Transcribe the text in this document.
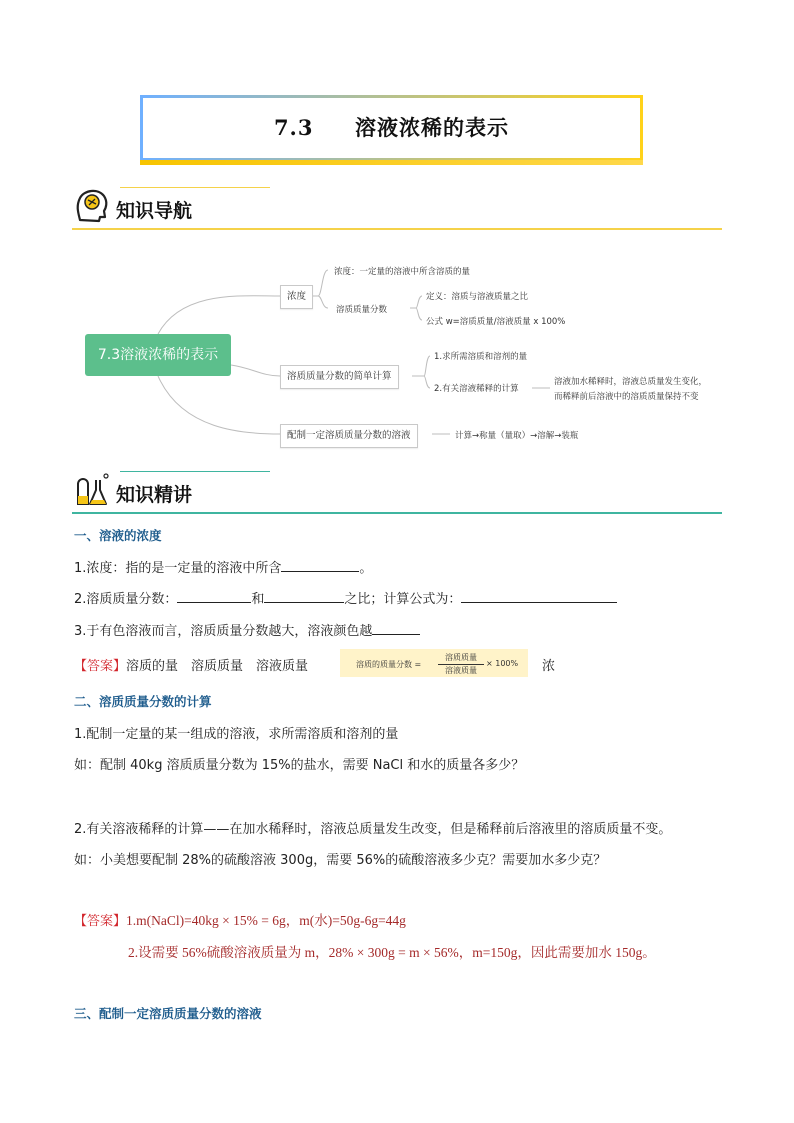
7.3 溶液浓稀的表示
知识导航
7.3溶液浓稀的表示
浓度
溶质质量分数的简单计算
配制一定溶质质量分数的溶液
浓度：一定量的溶液中所含溶质的量
溶质质量分数
定义：溶质与溶液质量之比
公式 w=溶质质量/溶液质量 x 100%
1.求所需溶质和溶剂的量
2.有关溶液稀释的计算
溶液加水稀释时，溶液总质量发生变化，
而稀释前后溶液中的溶质质量保持不变
计算→称量（量取）→溶解→装瓶
知识精讲
一、溶液的浓度
1.浓度：指的是一定量的溶液中所含	。
2.溶质质量分数：	和	之比；计算公式为：
3.于有色溶液而言，溶质质量分数越大，溶液颜色越
【答案】溶质的量　溶质质量　溶液质量	溶质的质量分数 =
溶质质量
溶液质量
× 100% 浓
二、溶质质量分数的计算
1.配制一定量的某一组成的溶液，求所需溶质和溶剂的量
如：配制 40kg 溶质质量分数为 15%的盐水，需要 NaCl 和水的质量各多少？
2.有关溶液稀释的计算——在加水稀释时，溶液总质量发生改变，但是稀释前后溶液里的溶质质量不变。
如：小美想要配制 28%的硫酸溶液 300g，需要 56%的硫酸溶液多少克？需要加水多少克？
【答案】1.m(NaCl)=40kg × 15% = 6g，m(水)=50g-6g=44g
2.设需要 56%硫酸溶液质量为 m，28% × 300g = m × 56%，m=150g，因此需要加水 150g。
三、配制一定溶质质量分数的溶液
